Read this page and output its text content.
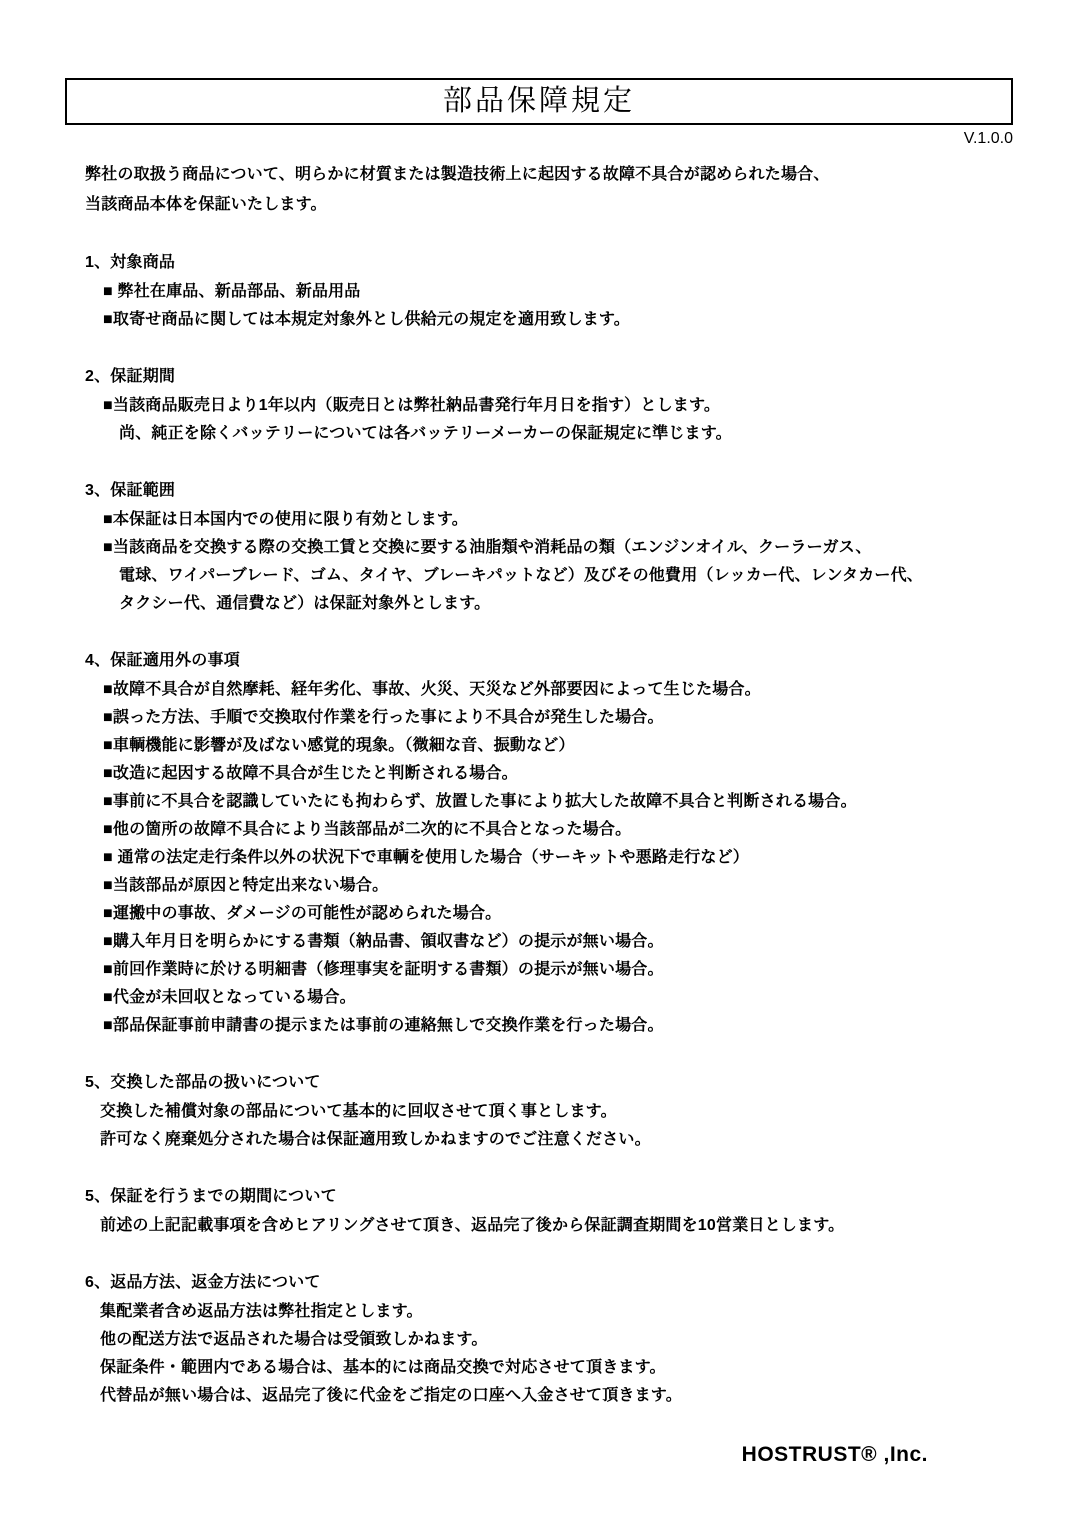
部品保障規定
V.1.0.0
弊社の取扱う商品について、明らかに材質または製造技術上に起因する故障不具合が認められた場合、
当該商品本体を保証いたします。
1、対象商品
■ 弊社在庫品、新品部品、新品用品
■取寄せ商品に関しては本規定対象外とし供給元の規定を適用致します。
2、保証期間
■当該商品販売日より1年以内（販売日とは弊社納品書発行年月日を指す）とします。
尚、純正を除くバッテリーについては各バッテリーメーカーの保証規定に準じます。
3、保証範囲
■本保証は日本国内での使用に限り有効とします。
■当該商品を交換する際の交換工賃と交換に要する油脂類や消耗品の類（エンジンオイル、クーラーガス、
電球、ワイパーブレード、ゴム、タイヤ、ブレーキパットなど）及びその他費用（レッカー代、レンタカー代、
タクシー代、通信費など）は保証対象外とします。
4、保証適用外の事項
■故障不具合が自然摩耗、経年劣化、事故、火災、天災など外部要因によって生じた場合。
■誤った方法、手順で交換取付作業を行った事により不具合が発生した場合。
■車輌機能に影響が及ばない感覚的現象。（微細な音、振動など）
■改造に起因する故障不具合が生じたと判断される場合。
■事前に不具合を認識していたにも拘わらず、放置した事により拡大した故障不具合と判断される場合。
■他の箇所の故障不具合により当該部品が二次的に不具合となった場合。
■ 通常の法定走行条件以外の状況下で車輌を使用した場合（サーキットや悪路走行など）
■当該部品が原因と特定出来ない場合。
■運搬中の事故、ダメージの可能性が認められた場合。
■購入年月日を明らかにする書類（納品書、領収書など）の提示が無い場合。
■前回作業時に於ける明細書（修理事実を証明する書類）の提示が無い場合。
■代金が未回収となっている場合。
■部品保証事前申請書の提示または事前の連絡無しで交換作業を行った場合。
5、交換した部品の扱いについて
交換した補償対象の部品について基本的に回収させて頂く事とします。
許可なく廃棄処分された場合は保証適用致しかねますのでご注意ください。
5、保証を行うまでの期間について
前述の上記記載事項を含めヒアリングさせて頂き、返品完了後から保証調査期間を10営業日とします。
6、返品方法、返金方法について
集配業者含め返品方法は弊社指定とします。
他の配送方法で返品された場合は受領致しかねます。
保証条件・範囲内である場合は、基本的には商品交換で対応させて頂きます。
代替品が無い場合は、返品完了後に代金をご指定の口座へ入金させて頂きます。
HOSTRUST® ,Inc.
